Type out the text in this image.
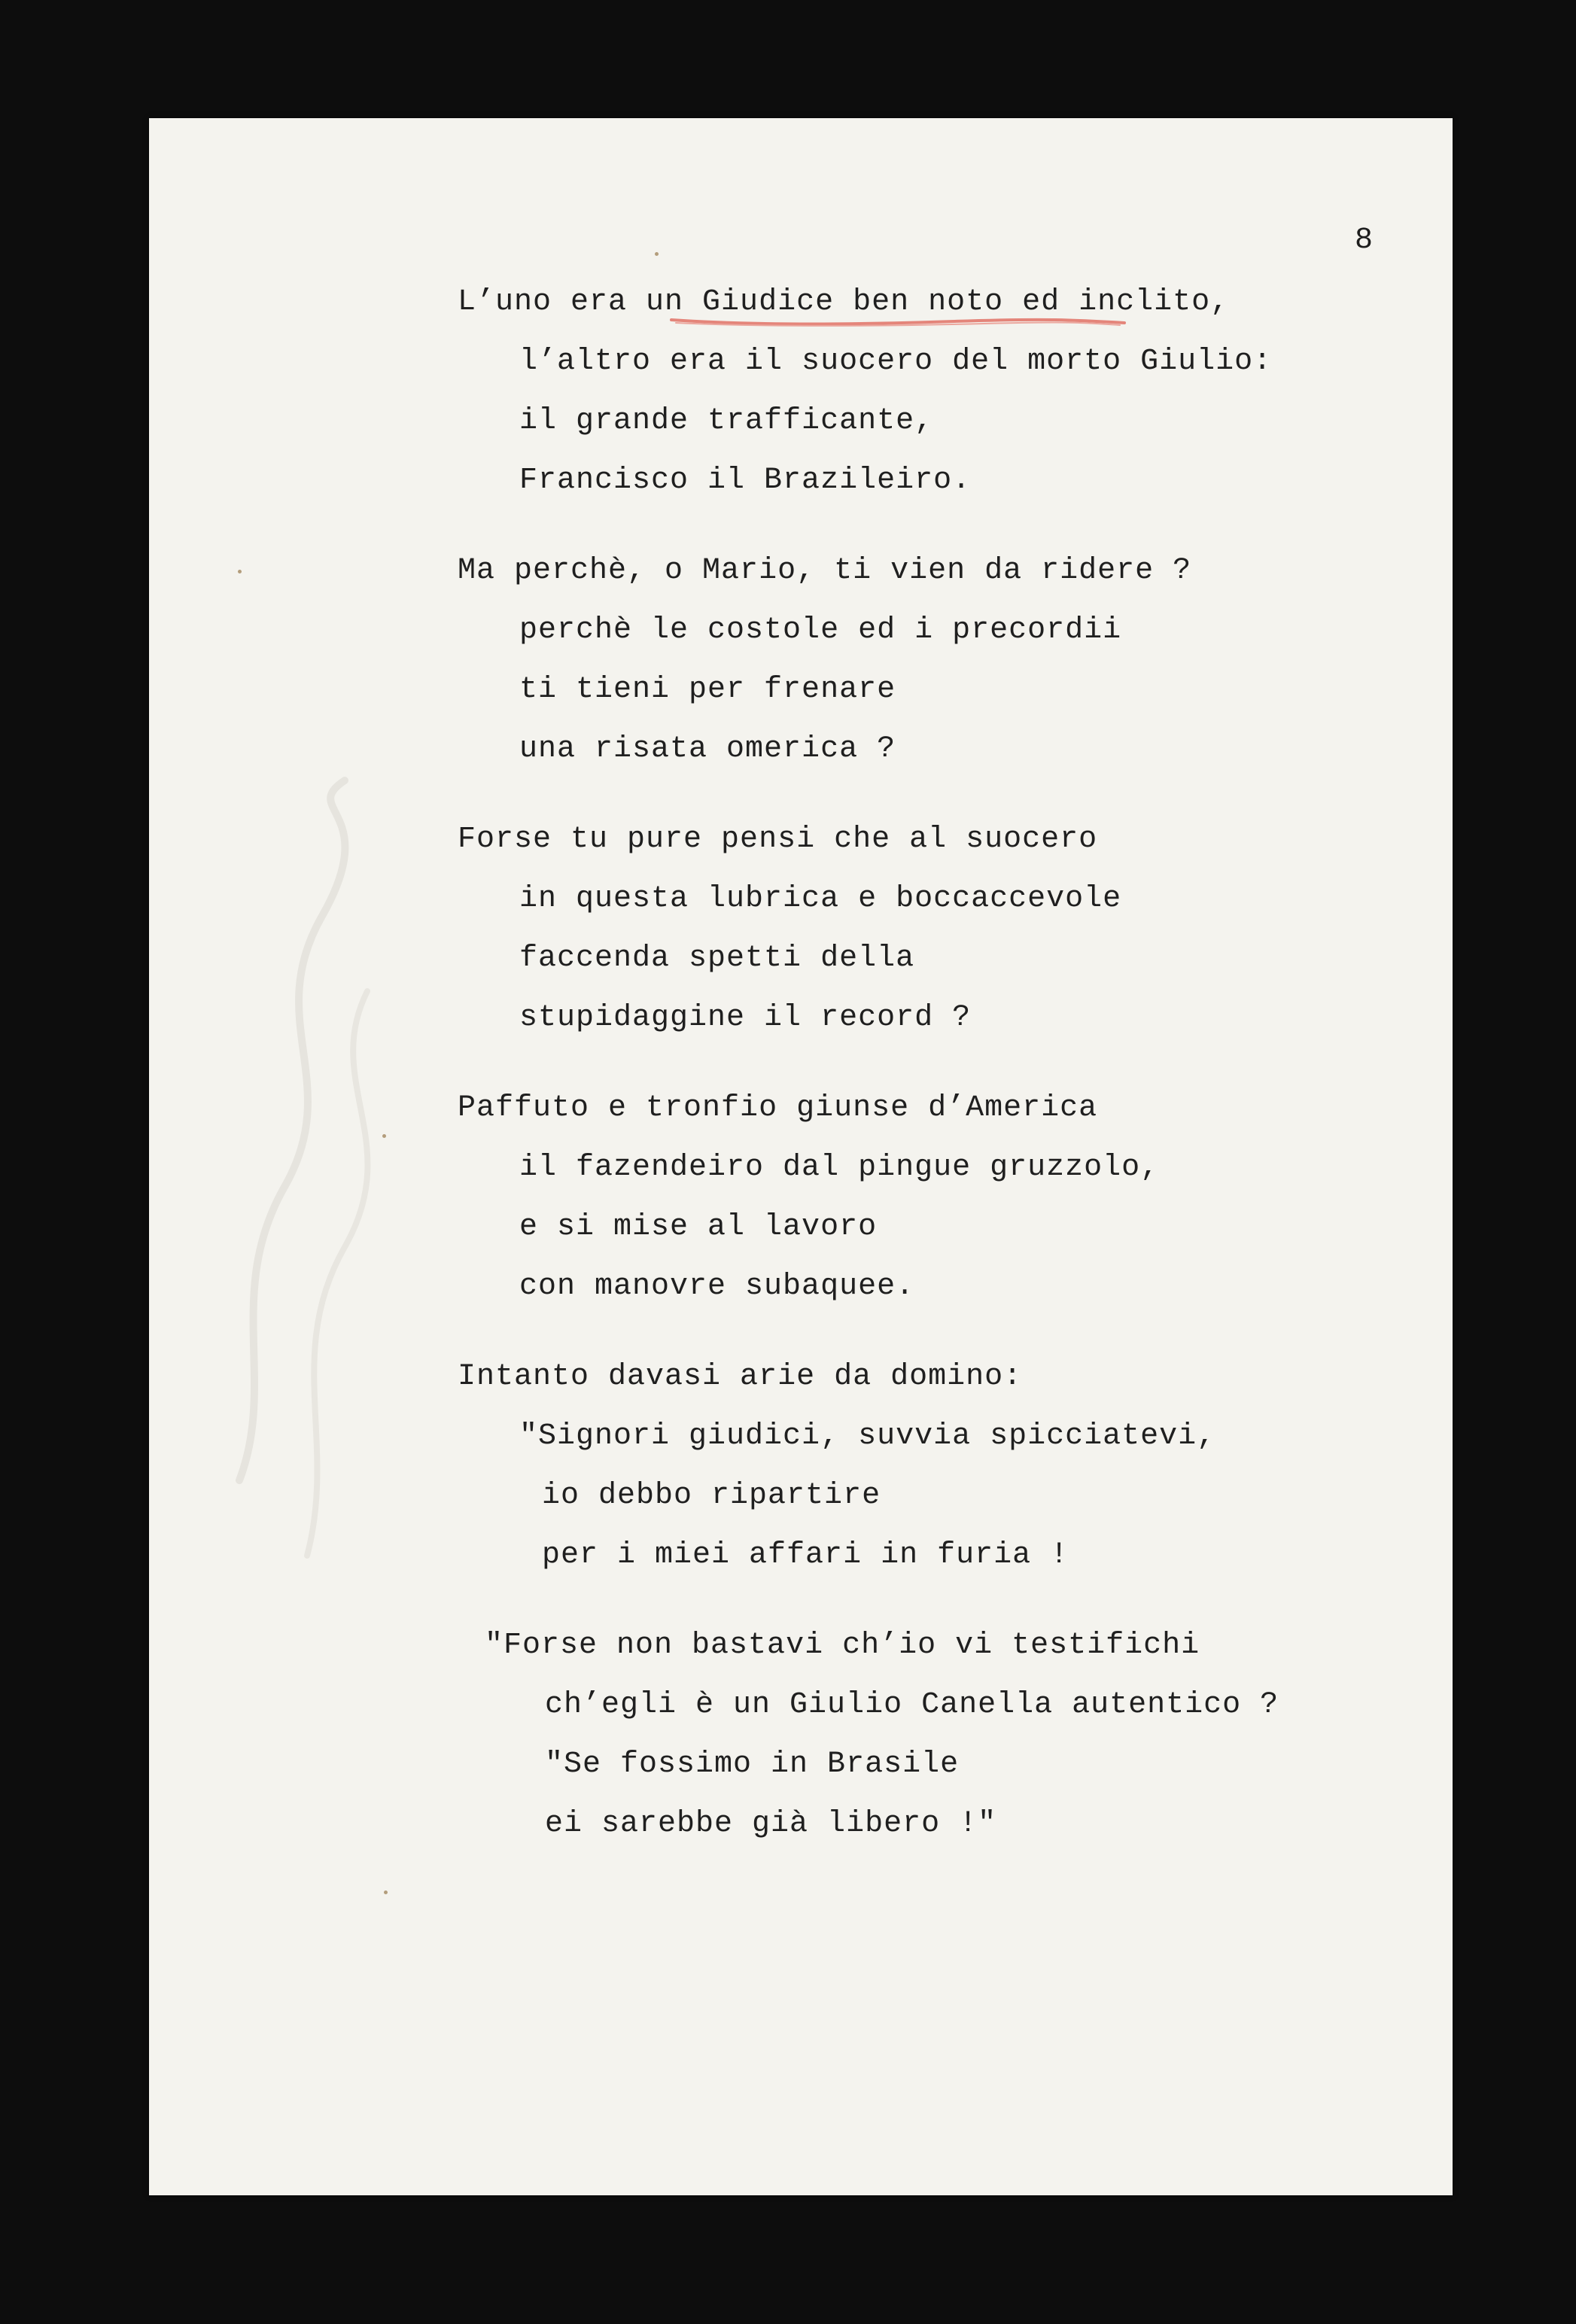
8

L’uno era un Giudice ben noto ed inclito,
l’altro era il suocero del morto Giulio:
il grande trafficante,
Francisco il Brazileiro.
Ma perchè, o Mario, ti vien da ridere ?
perchè le costole ed i precordii
ti tieni per frenare
una risata omerica ?
Forse tu pure pensi che al suocero
in questa lubrica e boccaccevole
faccenda spetti della
stupidaggine il record ?
Paffuto e tronfio giunse d’America
il fazendeiro dal pingue gruzzolo,
e si mise al lavoro
con manovre subaquee.
Intanto davasi arie da domino:
"Signori giudici, suvvia spicciatevi,
io debbo ripartire
per i miei affari in furia !
"Forse non bastavi ch’io vi testifichi
ch’egli è un Giulio Canella autentico ?
"Se fossimo in Brasile
ei sarebbe già libero !"
